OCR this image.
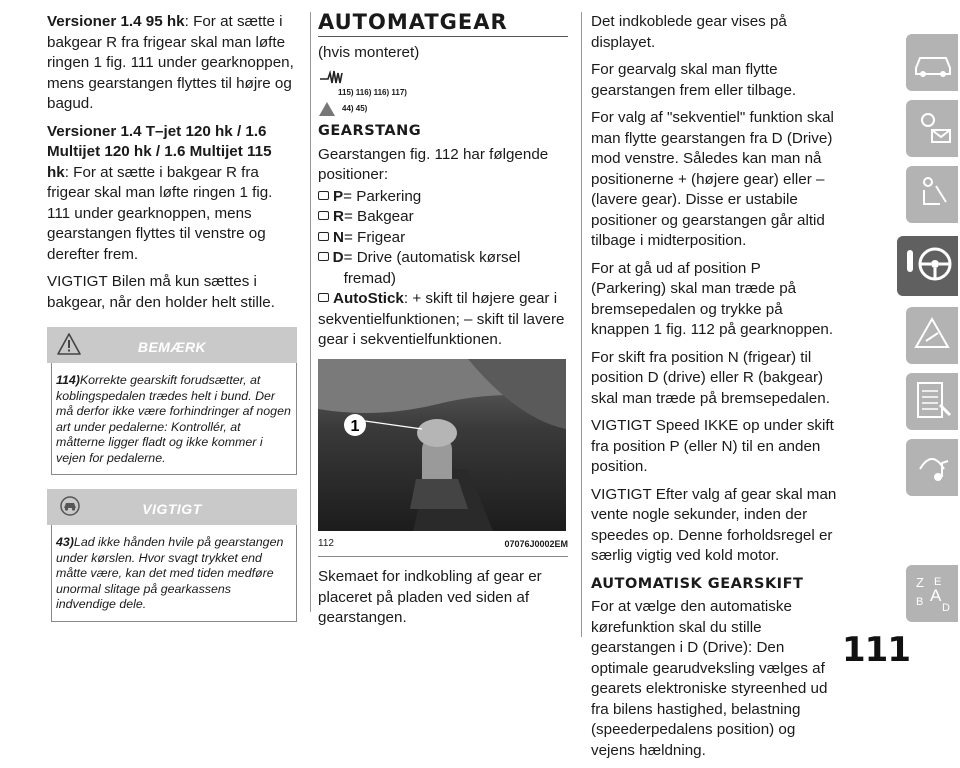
Versioner 1.4 95 hk: For at sætte i bakgear R fra frigear skal man løfte ringen 1 fig. 111 under gearknoppen, mens gearstangen flyttes til højre og bagud.

Versioner 1.4 T–jet 120 hk / 1.6 Multijet 120 hk / 1.6 Multijet 115 hk: For at sætte i bakgear R fra frigear skal man løfte ringen 1 fig. 111 under gearknoppen, mens gearstangen flyttes til venstre og derefter frem.

VIGTIGT Bilen må kun sættes i bakgear, når den holder helt stille.

BEMÆRK
114)Korrekte gearskift forudsætter, at koblingspedalen trædes helt i bund. Der må derfor ikke være forhindringer af nogen art under pedalerne: Kontrollér, at måtterne ligger fladt og ikke kommer i vejen for pedalerne.
VIGTIGT
43)Lad ikke hånden hvile på gearstangen under kørslen. Hvor svagt trykket end måtte være, kan det med tiden medføre unormal slitage på gearkassens indvendige dele.
AUTOMATGEAR

(hvis monteret)

115) 116) 116) 117)
44) 45)
GEARSTANG

Gearstangen fig. 112 har følgende positioner:

P = Parkering
R = Bakgear
N = Frigear
D = Drive (automatisk kørsel fremad)

AutoStick: + skift til højere gear i sekventielfunktionen; – skift til lavere gear i sekventielfunktionen.

1
112	07076J0002EM

Skemaet for indkobling af gear er placeret på pladen ved siden af gearstangen.

Det indkoblede gear vises på displayet.

For gearvalg skal man flytte gearstangen frem eller tilbage.

For valg af "sekventiel" funktion skal man flytte gearstangen fra D (Drive) mod venstre. Således kan man nå positionerne + (højere gear) eller – (lavere gear). Disse er ustabile positioner og gearstangen går altid tilbage i midterposition.

For at gå ud af position P (Parkering) skal man træde på bremsepedalen og trykke på knappen 1 fig. 112 på gearknoppen.

For skift fra position N (frigear) til position D (drive) eller R (bakgear) skal man træde på bremsepedalen.

VIGTIGT Speed IKKE op under skift fra position P (eller N) til en anden position.

VIGTIGT Efter valg af gear skal man vente nogle sekunder, inden der speedes op. Denne forholdsregel er særlig vigtig ved kold motor.

AUTOMATISK GEARSKIFT

For at vælge den automatiske kørefunktion skal du stille gearstangen i D (Drive): Den optimale gearudveksling vælges af gearets elektroniske styreenhed ud fra bilens hastighed, belastning (speederpedalens position) og vejens hældning.

Z E
B A
D
111
